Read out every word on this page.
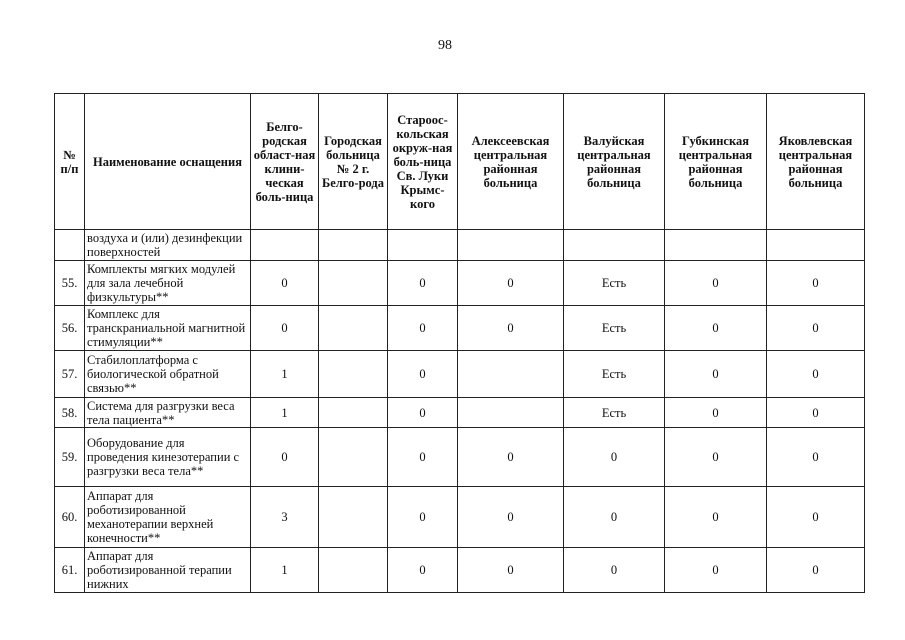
98
№ п/п	Наименование оснащения	Белго-родская област-ная клини-ческая боль-ница	Городская больница № 2 г. Белго-рода	Староос-кольская окруж-ная боль-ница Св. Луки Крымс-кого	Алексеевская центральная районная больница	Валуйская центральная районная больница	Губкинская центральная районная больница	Яковлевская центральная районная больница
	воздуха и (или) дезинфекции поверхностей							
55.	Комплекты мягких модулей для зала лечебной физкультуры**	0		0	0	Есть	0	0
56.	Комплекс для транскраниальной магнитной стимуляции**	0		0	0	Есть	0	0
57.	Стабилоплатформа с биологической обратной связью**	1		0		Есть	0	0
58.	Система для разгрузки веса тела пациента**	1		0		Есть	0	0
59.	Оборудование для проведения кинезотерапии с разгрузки веса тела**	0		0	0	0	0	0
60.	Аппарат для роботизированной механотерапии верхней конечности**	3		0	0	0	0	0
61.	Аппарат для роботизированной терапии нижних	1		0	0	0	0	0
